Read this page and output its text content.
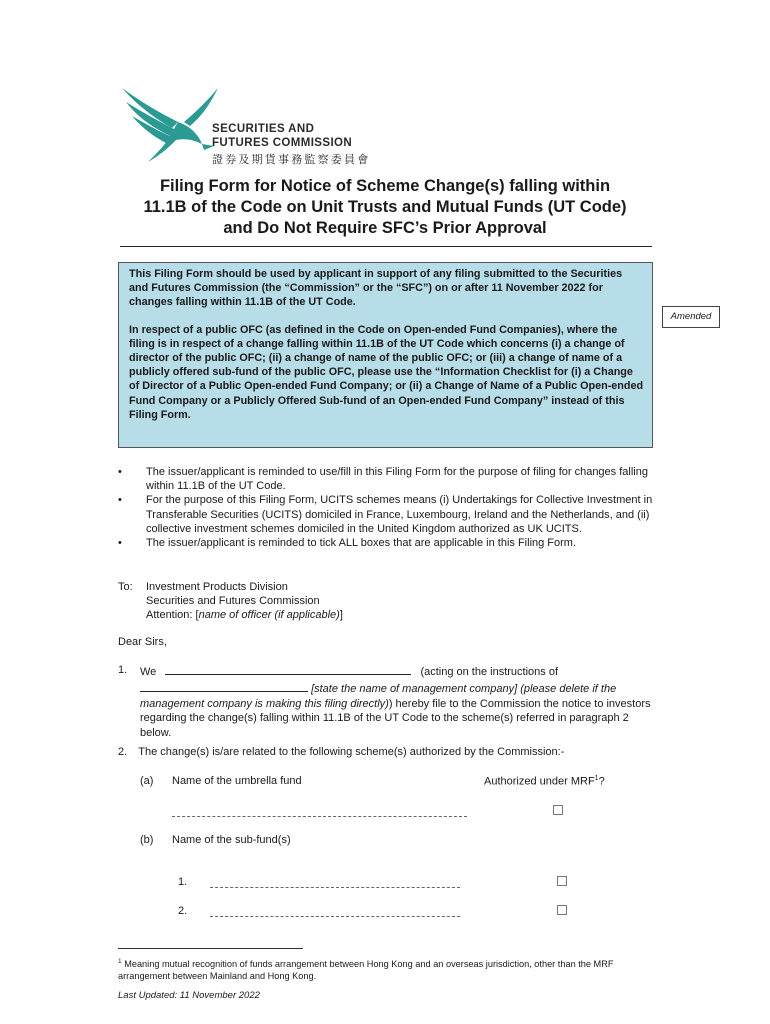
SECURITIES AND
FUTURES COMMISSION
證券及期貨事務監察委員會
Filing Form for Notice of Scheme Change(s) falling within
11.1B of the Code on Unit Trusts and Mutual Funds (UT Code)
and Do Not Require SFC’s Prior Approval

This Filing Form should be used by applicant in support of any filing submitted to the Securities and Futures Commission (the “Commission” or the “SFC”) on or after 11 November 2022 for changes falling within 11.1B of the UT Code.

In respect of a public OFC (as defined in the Code on Open-ended Fund Companies), where the filing is in respect of a change falling within 11.1B of the UT Code which concerns (i) a change of director of the public OFC; (ii) a change of name of the public OFC; or (iii) a change of name of a publicly offered sub-fund of the public OFC, please use the “Information Checklist for (i) a Change of Director of a Public Open-ended Fund Company; or (ii) a Change of Name of a Public Open-ended Fund Company or a Publicly Offered Sub-fund of an Open-ended Fund Company” instead of this Filing Form.

Amended
• The issuer/applicant is reminded to use/fill in this Filing Form for the purpose of filing for changes falling within 11.1B of the UT Code.
• For the purpose of this Filing Form, UCITS schemes means (i) Undertakings for Collective Investment in Transferable Securities (UCITS) domiciled in France, Luxembourg, Ireland and the Netherlands, and (ii) collective investment schemes domiciled in the United Kingdom authorized as UK UCITS.
• The issuer/applicant is reminded to tick ALL boxes that are applicable in this Filing Form.
To: Investment Products Division
Securities and Futures Commission
Attention: [name of officer (if applicable)]
Dear Sirs,
1.	We	(acting on the instructions of
[state the name of management company] (please delete if the management company is making this filing directly)) hereby file to the Commission the notice to investors regarding the change(s) falling within 11.1B of the UT Code to the scheme(s) referred in paragraph 2 below.
2. The change(s) is/are related to the following scheme(s) authorized by the Commission:-
(a) Name of the umbrella fund	Authorized under MRF$^1$?
(b) Name of the sub-fund(s)
1.
2.
$^1$ Meaning mutual recognition of funds arrangement between Hong Kong and an overseas jurisdiction, other than the MRF arrangement between Mainland and Hong Kong.
Last Updated: 11 November 2022
